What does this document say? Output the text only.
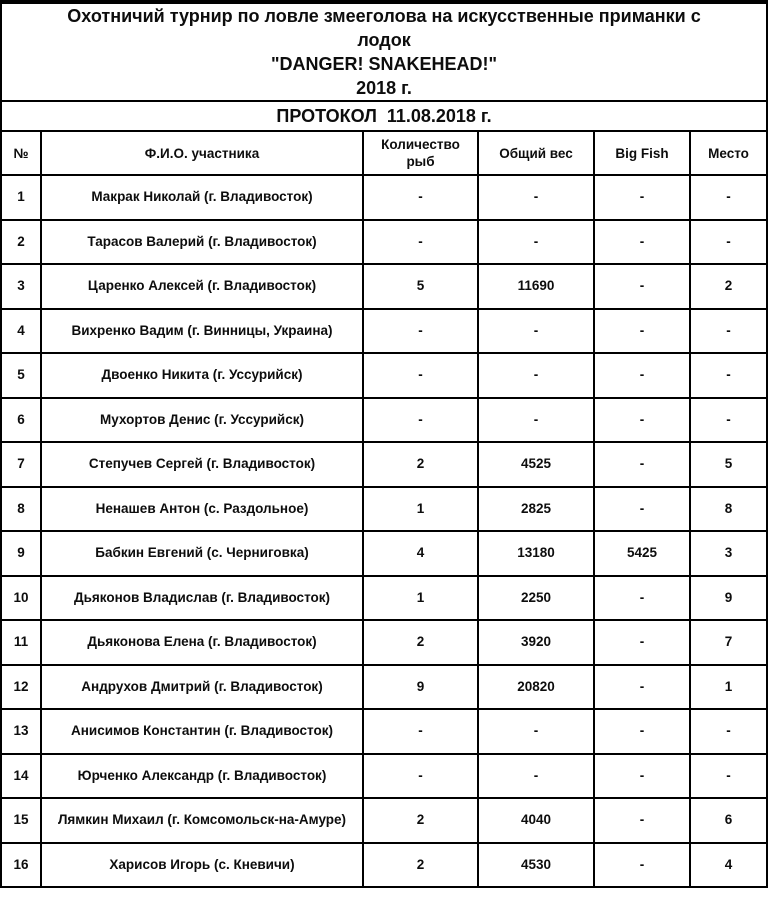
Охотничий турнир по ловле змееголова на искусственные приманки с
лодок
"DANGER! SNAKEHEAD!"
2018 г.					

ПРОТОКОЛ  11.08.2018 г.					
№	Ф.И.О. участника	Количество рыб	Общий вес	Big Fish	Место
1	Макрак Николай (г. Владивосток)	-	-	-	-
2	Тарасов Валерий (г. Владивосток)	-	-	-	-
3	Царенко Алексей (г. Владивосток)	5	11690	-	2
4	Вихренко Вадим (г. Винницы, Украина)	-	-	-	-
5	Двоенко Никита (г. Уссурийск)	-	-	-	-
6	Мухортов Денис (г. Уссурийск)	-	-	-	-
7	Степучев Сергей (г. Владивосток)	2	4525	-	5
8	Ненашев Антон (с. Раздольное)	1	2825	-	8
9	Бабкин Евгений (с. Черниговка)	4	13180	5425	3
10	Дьяконов Владислав (г. Владивосток)	1	2250	-	9
11	Дьяконова Елена (г. Владивосток)	2	3920	-	7
12	Андрухов Дмитрий (г. Владивосток)	9	20820	-	1
13	Анисимов Константин (г. Владивосток)	-	-	-	-
14	Юрченко Александр (г. Владивосток)	-	-	-	-
15	Лямкин Михаил (г. Комсомольск-на-Амуре)	2	4040	-	6
16	Харисов Игорь (с. Кневичи)	2	4530	-	4
